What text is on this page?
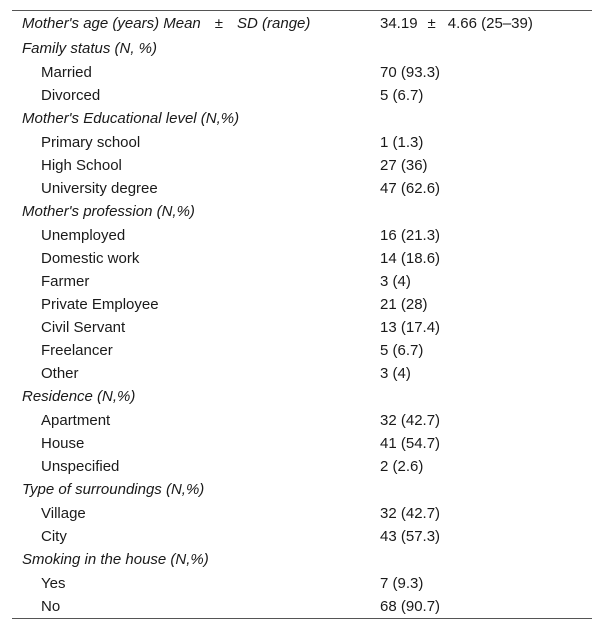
Mother's age (years) Mean ± SD (range)	34.19 ± 4.66 (25–39)
Family status (N, %)
Married	70 (93.3)
Divorced	5 (6.7)
Mother's Educational level (N,%)
Primary school	1 (1.3)
High School	27 (36)
University degree	47 (62.6)
Mother's profession (N,%)
Unemployed	16 (21.3)
Domestic work	14 (18.6)
Farmer	3 (4)
Private Employee	21 (28)
Civil Servant	13 (17.4)
Freelancer	5 (6.7)
Other	3 (4)
Residence (N,%)
Apartment	32 (42.7)
House	41 (54.7)
Unspecified	2 (2.6)
Type of surroundings (N,%)
Village	32 (42.7)
City	43 (57.3)
Smoking in the house (N,%)
Yes	7 (9.3)
No	68 (90.7)
